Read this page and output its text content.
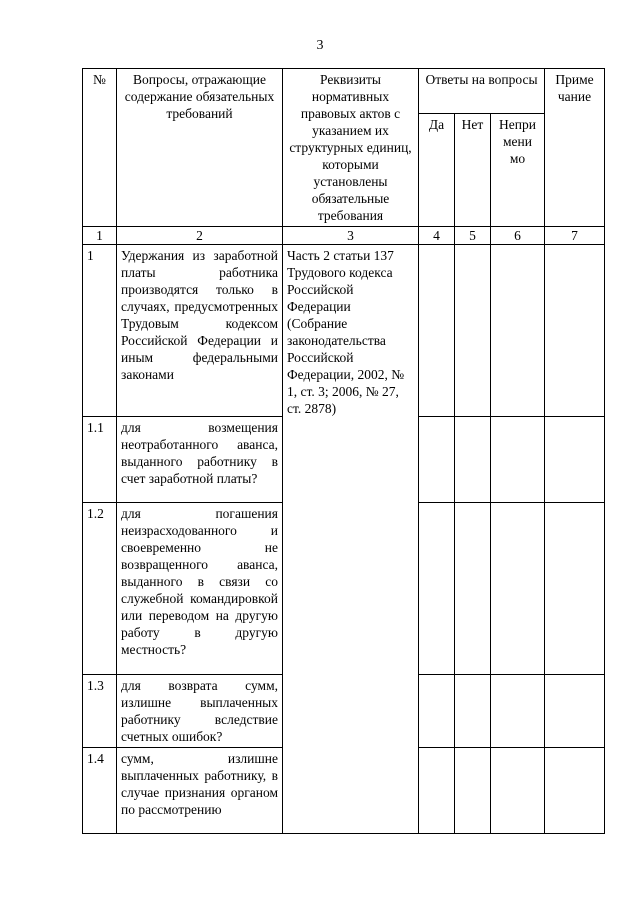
3
№	Вопросы, отражающие содержание обязательных требований	Реквизиты нормативных правовых актов с указанием их структурных единиц, которыми установлены обязательные требования	Ответы на вопросы			Приме чание
			Да	Нет	Непри мени мо	
1	2	3	4	5	6	7
1	Удержания из заработной платы работника производятся только в случаях, предусмотренных Трудовым кодексом Российской Федерации и иным федеральными законами	Часть 2 статьи 137 Трудового кодекса Российской Федерации (Собрание законодательства Российской Федерации, 2002, № 1, ст. 3; 2006, № 27, ст. 2878)				
1.1	для возмещения неотработанного аванса, выданного работнику в счет заработной платы?					
1.2	для погашения неизрасходованного и своевременно не возвращенного аванса, выданного в связи со служебной командировкой или переводом на другую работу в другую местность?					
1.3	для возврата сумм, излишне выплаченных работнику вследствие счетных ошибок?					
1.4	сумм, излишне выплаченных работнику, в случае признания органом по рассмотрению					
